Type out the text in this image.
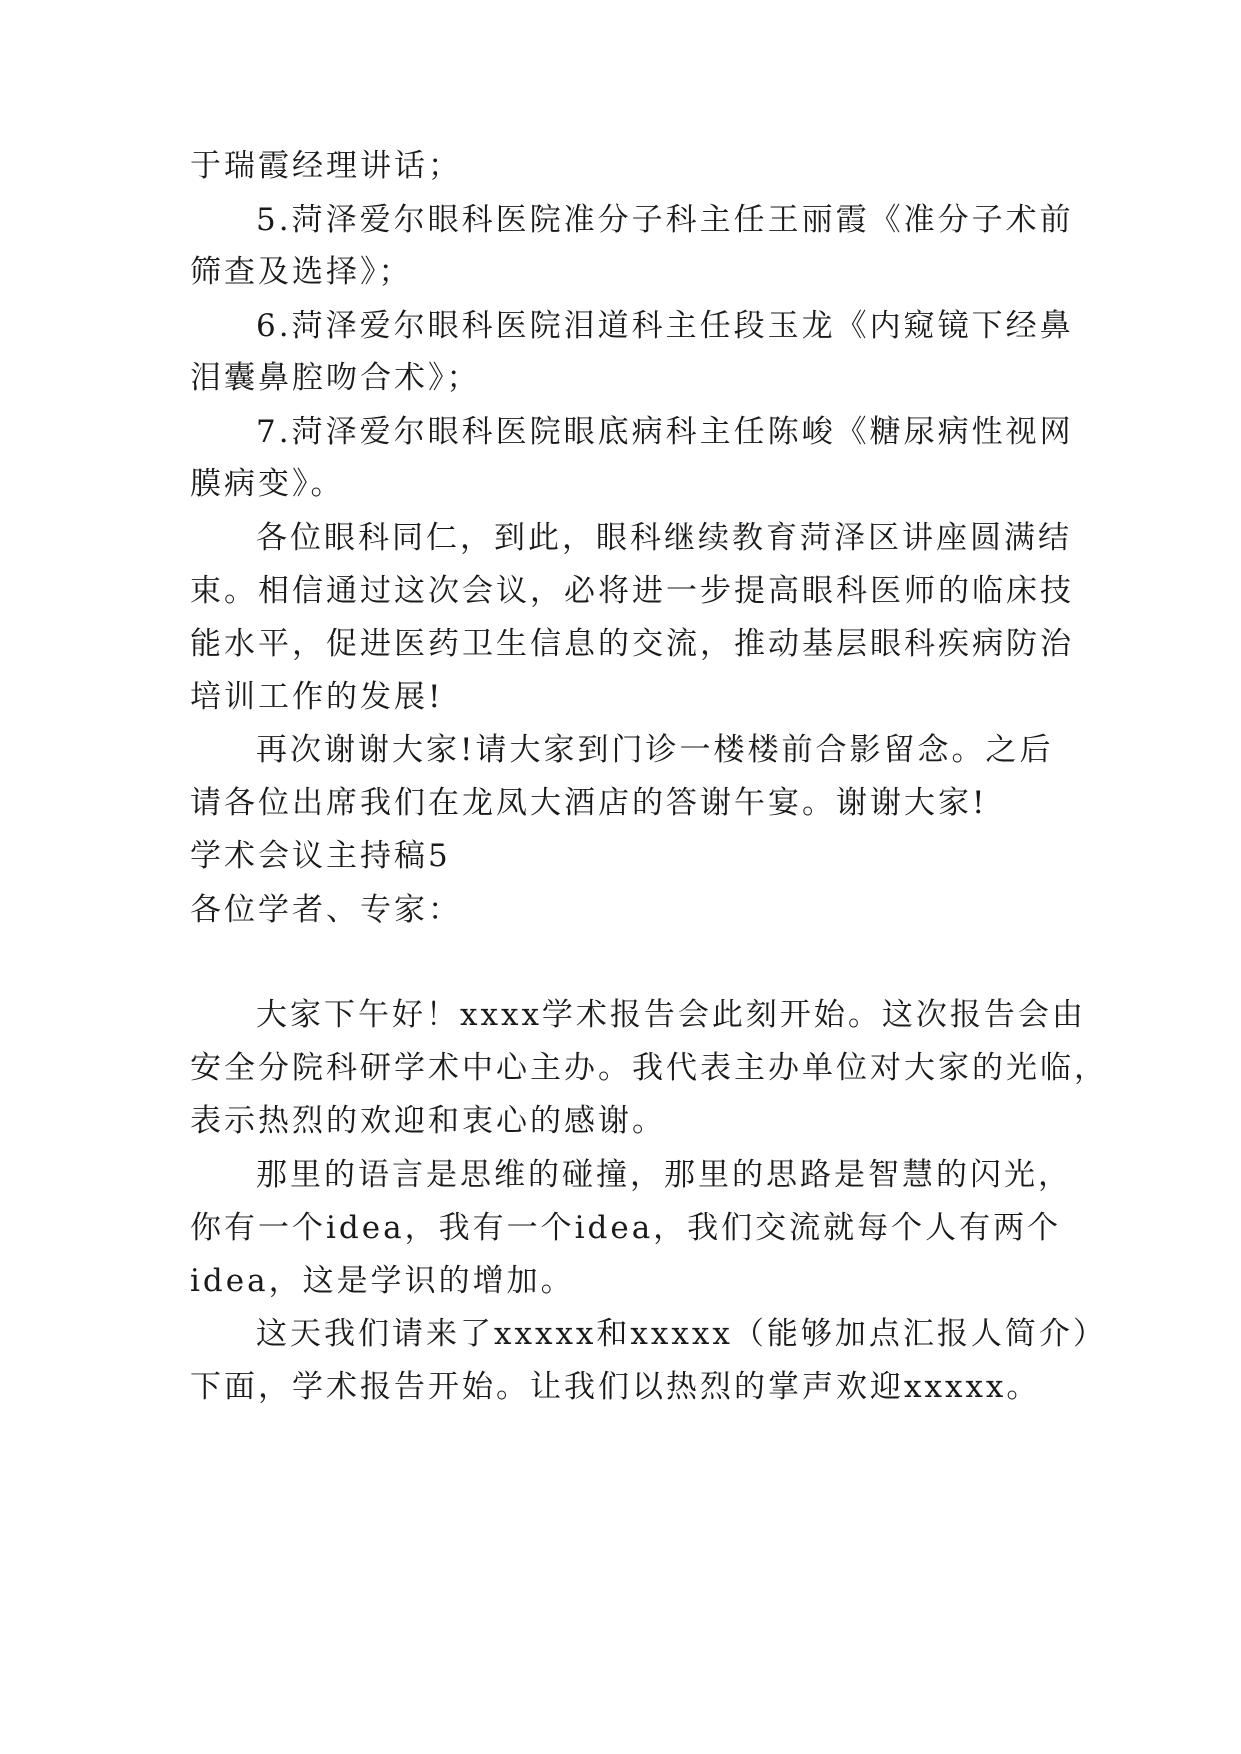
于瑞霞经理讲话；
5.菏泽爱尔眼科医院准分子科主任王丽霞《准分子术前
筛查及选择》；
6.菏泽爱尔眼科医院泪道科主任段玉龙《内窥镜下经鼻
泪囊鼻腔吻合术》；
7.菏泽爱尔眼科医院眼底病科主任陈峻《糖尿病性视网
膜病变》。
各位眼科同仁，到此，眼科继续教育菏泽区讲座圆满结
束。相信通过这次会议，必将进一步提高眼科医师的临床技
能水平，促进医药卫生信息的交流，推动基层眼科疾病防治
培训工作的发展!
再次谢谢大家!请大家到门诊一楼楼前合影留念。之后
请各位出席我们在龙凤大酒店的答谢午宴。谢谢大家!
学术会议主持稿5
各位学者、专家：
大家下午好！xxxx学术报告会此刻开始。这次报告会由
安全分院科研学术中心主办。我代表主办单位对大家的光临，
表示热烈的欢迎和衷心的感谢。
那里的语言是思维的碰撞，那里的思路是智慧的闪光，
你有一个idea，我有一个idea，我们交流就每个人有两个
idea，这是学识的增加。
这天我们请来了xxxxx和xxxxx（能够加点汇报人简介）
下面，学术报告开始。让我们以热烈的掌声欢迎xxxxx。
